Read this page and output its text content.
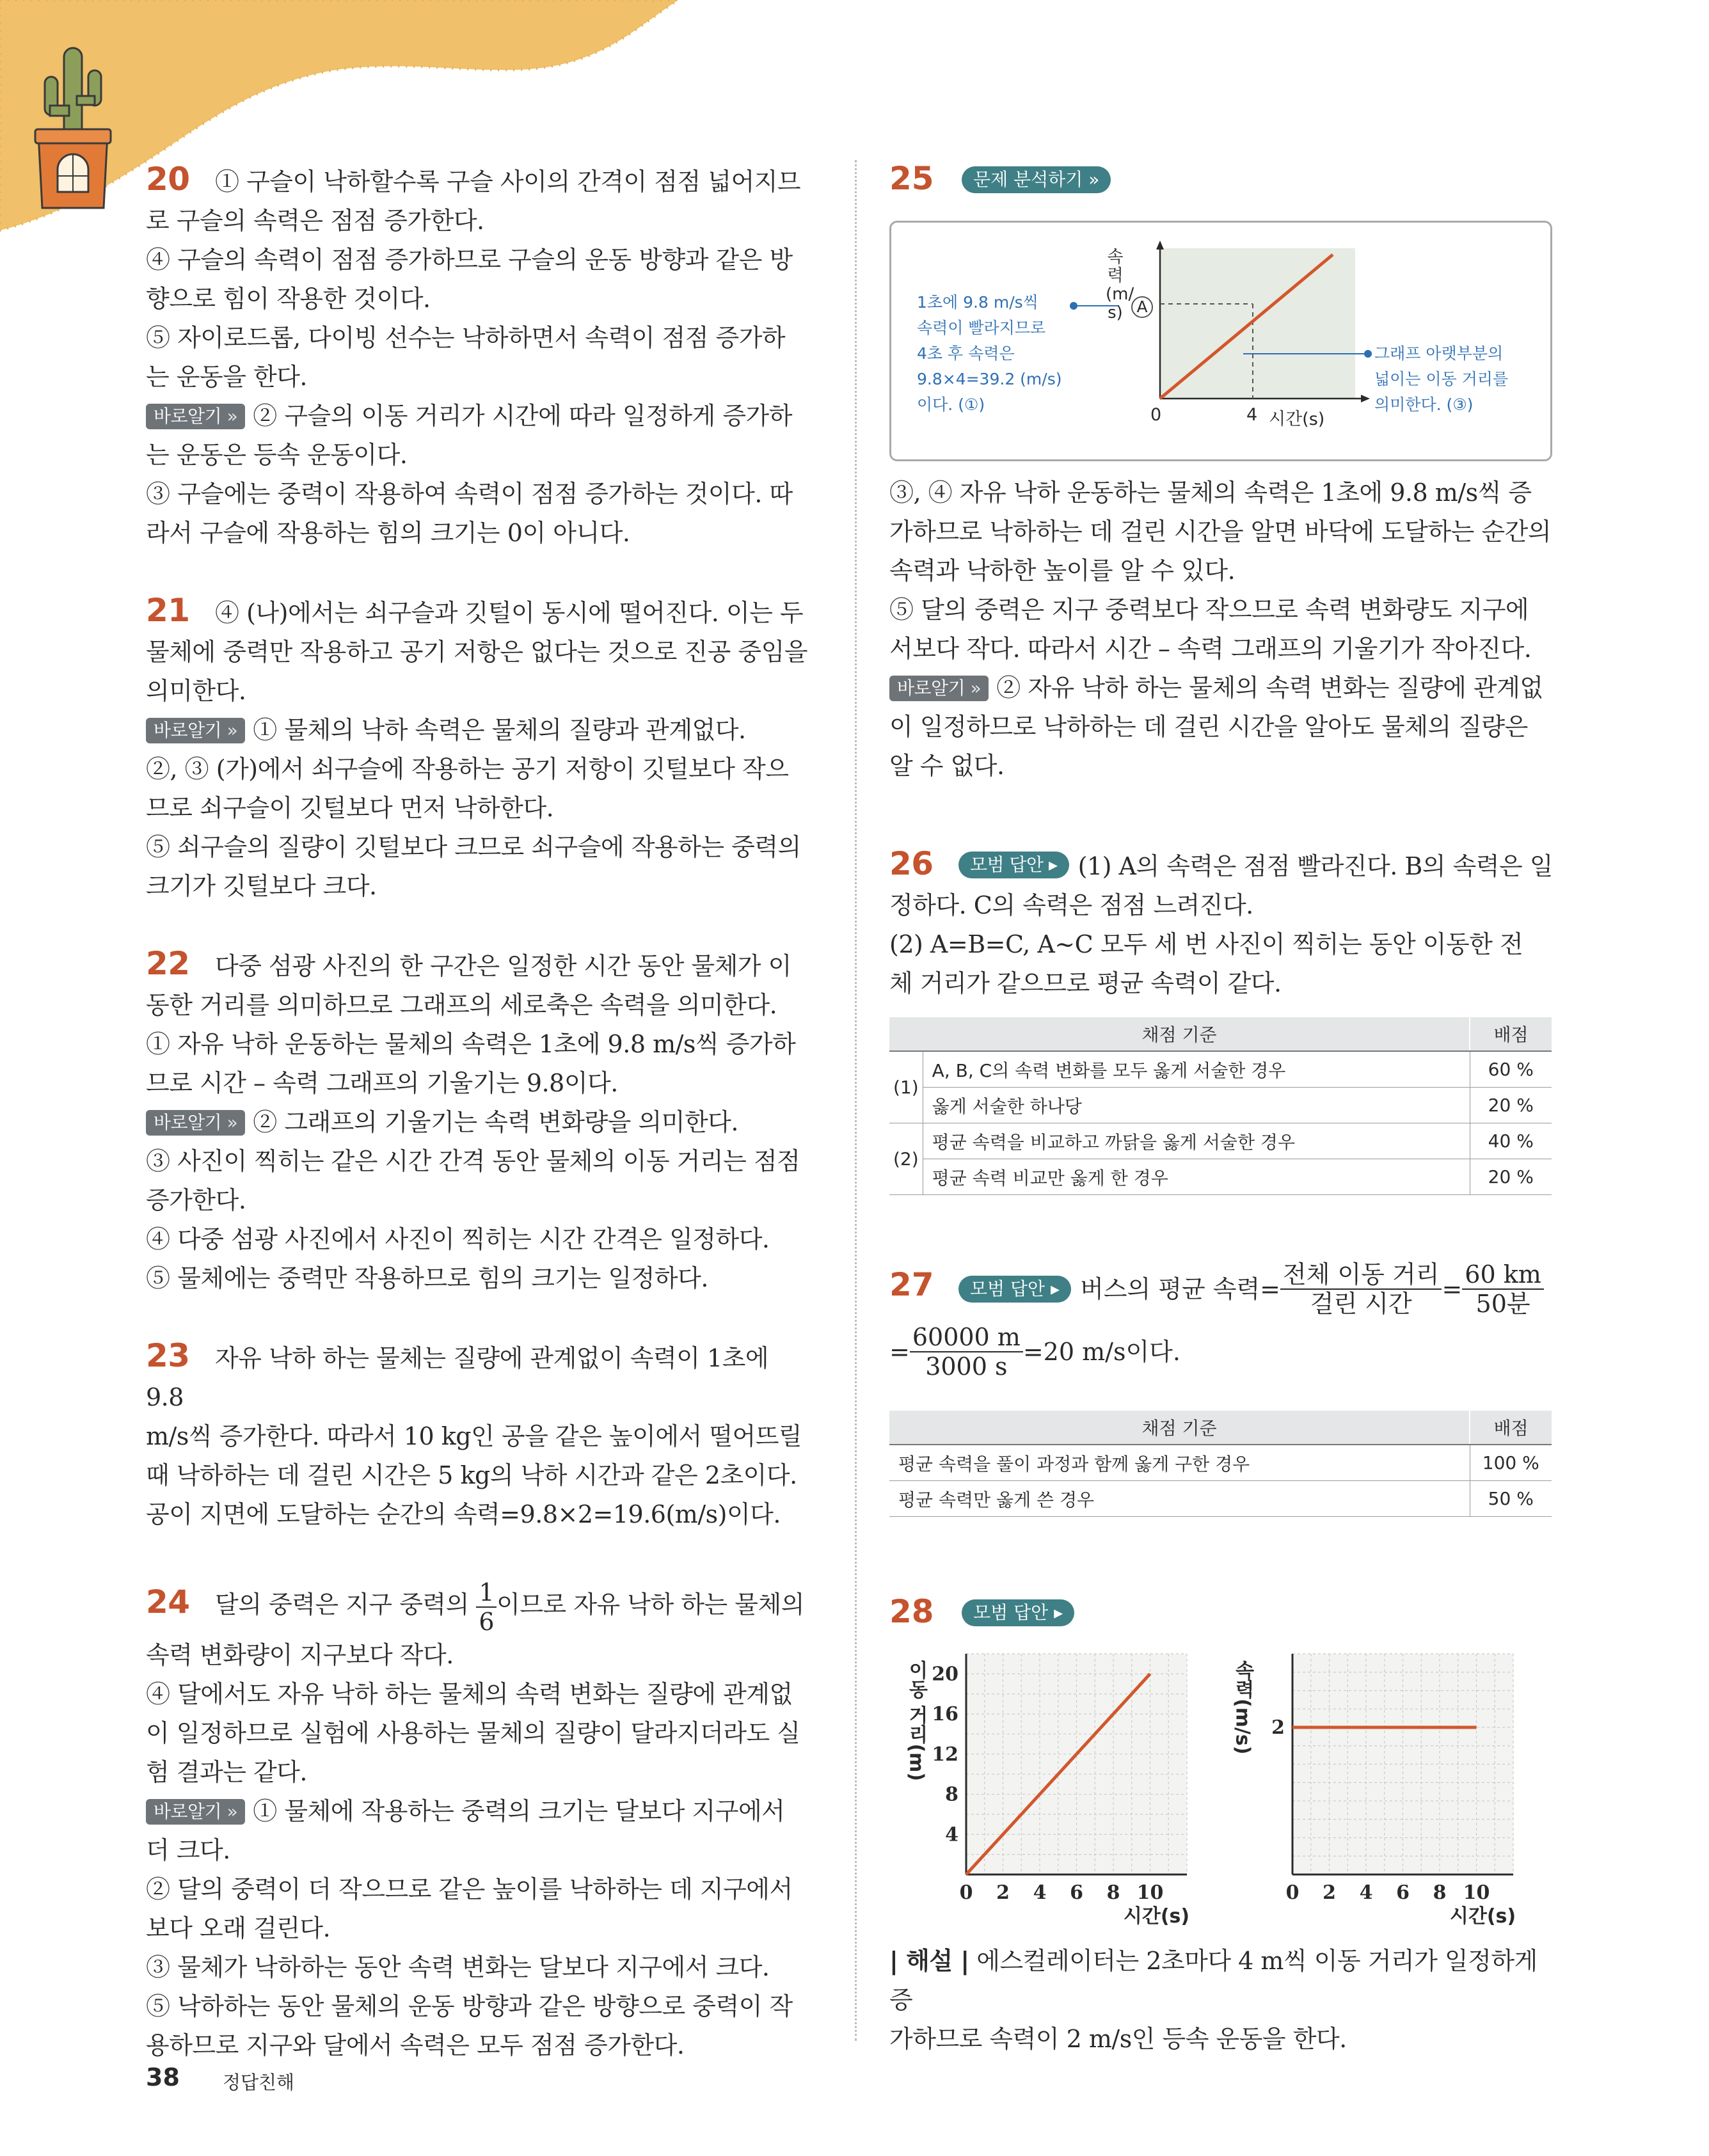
20 ① 구슬이 낙하할수록 구슬 사이의 간격이 점점 넓어지므

로 구슬의 속력은 점점 증가한다.

④ 구슬의 속력이 점점 증가하므로 구슬의 운동 방향과 같은 방

향으로 힘이 작용한 것이다.

⑤ 자이로드롭, 다이빙 선수는 낙하하면서 속력이 점점 증가하

는 운동을 한다.

바로알기 » ② 구슬의 이동 거리가 시간에 따라 일정하게 증가하

는 운동은 등속 운동이다.

③ 구슬에는 중력이 작용하여 속력이 점점 증가하는 것이다. 따

라서 구슬에 작용하는 힘의 크기는 0이 아니다.

21 ④ (나)에서는 쇠구슬과 깃털이 동시에 떨어진다. 이는 두

물체에 중력만 작용하고 공기 저항은 없다는 것으로 진공 중임을

의미한다.

바로알기 » ① 물체의 낙하 속력은 물체의 질량과 관계없다.

②, ③ (가)에서 쇠구슬에 작용하는 공기 저항이 깃털보다 작으

므로 쇠구슬이 깃털보다 먼저 낙하한다.

⑤ 쇠구슬의 질량이 깃털보다 크므로 쇠구슬에 작용하는 중력의

크기가 깃털보다 크다.

22 다중 섬광 사진의 한 구간은 일정한 시간 동안 물체가 이

동한 거리를 의미하므로 그래프의 세로축은 속력을 의미한다.

① 자유 낙하 운동하는 물체의 속력은 1초에 9.8 m/s씩 증가하

므로 시간 – 속력 그래프의 기울기는 9.8이다.

바로알기 » ② 그래프의 기울기는 속력 변화량을 의미한다.

③ 사진이 찍히는 같은 시간 간격 동안 물체의 이동 거리는 점점

증가한다.

④ 다중 섬광 사진에서 사진이 찍히는 시간 간격은 일정하다.

⑤ 물체에는 중력만 작용하므로 힘의 크기는 일정하다.

23 자유 낙하 하는 물체는 질량에 관계없이 속력이 1초에 9.8

m/s씩 증가한다. 따라서 10 kg인 공을 같은 높이에서 떨어뜨릴

때 낙하하는 데 걸린 시간은 5 kg의 낙하 시간과 같은 2초이다.

공이 지면에 도달하는 순간의 속력=9.8×2=19.6(m/s)이다.

24 달의 중력은 지구 중력의 $\frac{1}{6}$ 이므로 자유 낙하 하는 물체의

속력 변화량이 지구보다 작다.

④ 달에서도 자유 낙하 하는 물체의 속력 변화는 질량에 관계없

이 일정하므로 실험에 사용하는 물체의 질량이 달라지더라도 실

험 결과는 같다.

바로알기 » ① 물체에 작용하는 중력의 크기는 달보다 지구에서

더 크다.

② 달의 중력이 더 작으므로 같은 높이를 낙하하는 데 지구에서

보다 오래 걸린다.

③ 물체가 낙하하는 동안 속력 변화는 달보다 지구에서 크다.

⑤ 낙하하는 동안 물체의 운동 방향과 같은 방향으로 중력이 작

용하므로 지구와 달에서 속력은 모두 점점 증가한다.

25 문제 분석하기 »
1초에 9.8 m/s씩
속력이 빨라지므로
4초 후 속력은
9.8×4=39.2 (m/s)
이다. (①)
그래프 아랫부분의
넓이는 이동 거리를
의미한다. (③)
속력(m/s) A
0	4 시간(s)

③, ④ 자유 낙하 운동하는 물체의 속력은 1초에 9.8 m/s씩 증

가하므로 낙하하는 데 걸린 시간을 알면 바닥에 도달하는 순간의

속력과 낙하한 높이를 알 수 있다.

⑤ 달의 중력은 지구 중력보다 작으므로 속력 변화량도 지구에

서보다 작다. 따라서 시간 – 속력 그래프의 기울기가 작아진다.

바로알기 » ② 자유 낙하 하는 물체의 속력 변화는 질량에 관계없

이 일정하므로 낙하하는 데 걸린 시간을 알아도 물체의 질량은

알 수 없다.

26 모범 답안 ▸ (1) A의 속력은 점점 빨라진다. B의 속력은 일

정하다. C의 속력은 점점 느려진다.

(2) A=B=C, A~C 모두 세 번 사진이 찍히는 동안 이동한 전

체 거리가 같으므로 평균 속력이 같다.

채점 기준		배점
(1)	A, B, C의 속력 변화를 모두 옳게 서술한 경우	60 %
	옳게 서술한 하나당	20 %
(2)	평균 속력을 비교하고 까닭을 옳게 서술한 경우	40 %
	평균 속력 비교만 옳게 한 경우	20 %
27 모범 답안 ▸ 버스의 평균 속력= $\frac{\text{전체 이동 거리}}{\text{걸린 시간}} = \frac{60 km}{\text{50분}}$
= $\frac{60000 m}{3000 s} =20$ m/s이다.
채점 기준	배점
평균 속력을 풀이 과정과 함께 옳게 구한 경우	100 %
평균 속력만 옳게 쓴 경우	50 %
28 모범 답안 ▸
0 2 4 6 8 10
4
8
12
16
20
시간(s)
이동 거리(m)
0 2 4 6 8 10
2
시간(s)
속력(m/s)

| 해설 | 에스컬레이터는 2초마다 4 m씩 이동 거리가 일정하게 증

가하므로 속력이 2 m/s인 등속 운동을 한다.

38 정답친해
